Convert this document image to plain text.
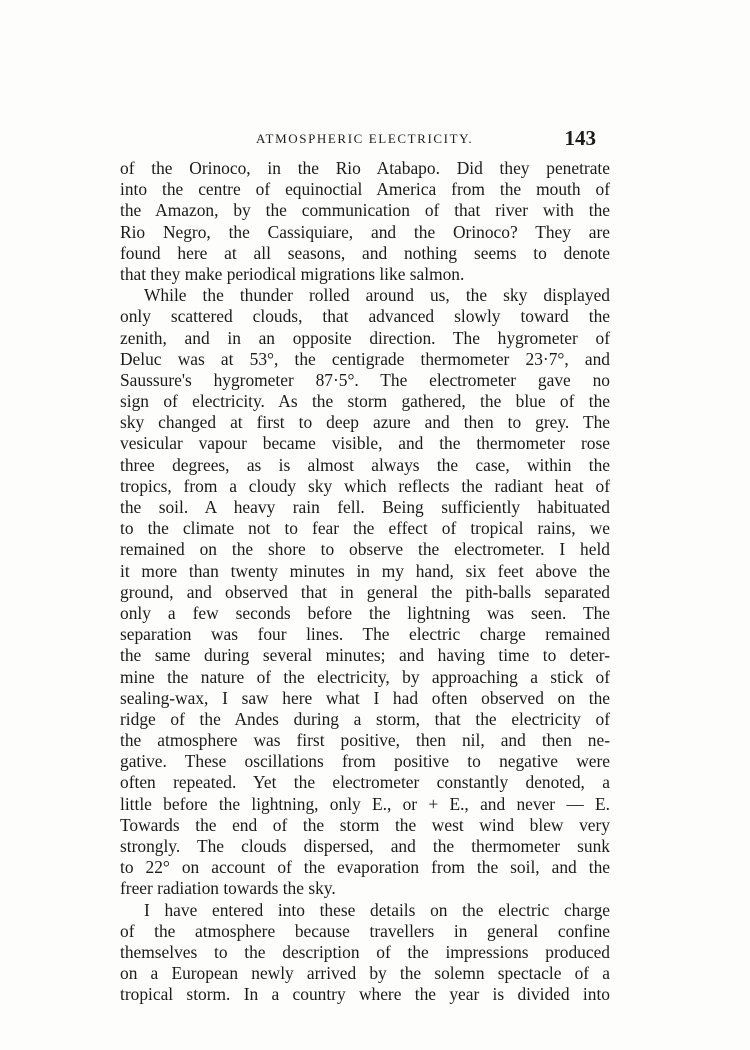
ATMOSPHERIC ELECTRICITY.	143
of the Orinoco, in the Rio Atabapo. Did they penetrate
into the centre of equinoctial America from the mouth of
the Amazon, by the communication of that river with the
Rio Negro, the Cassiquiare, and the Orinoco? They are
found here at all seasons, and nothing seems to denote
that they make periodical migrations like salmon.
While the thunder rolled around us, the sky displayed
only scattered clouds, that advanced slowly toward the
zenith, and in an opposite direction. The hygrometer of
Deluc was at 53°, the centigrade thermometer 23·7°, and
Saussure's hygrometer 87·5°. The electrometer gave no
sign of electricity. As the storm gathered, the blue of the
sky changed at first to deep azure and then to grey. The
vesicular vapour became visible, and the thermometer rose
three degrees, as is almost always the case, within the
tropics, from a cloudy sky which reflects the radiant heat of
the soil. A heavy rain fell. Being sufficiently habituated
to the climate not to fear the effect of tropical rains, we
remained on the shore to observe the electrometer. I held
it more than twenty minutes in my hand, six feet above the
ground, and observed that in general the pith-balls separated
only a few seconds before the lightning was seen. The
separation was four lines. The electric charge remained
the same during several minutes; and having time to deter-
mine the nature of the electricity, by approaching a stick of
sealing-wax, I saw here what I had often observed on the
ridge of the Andes during a storm, that the electricity of
the atmosphere was first positive, then nil, and then ne-
gative. These oscillations from positive to negative were
often repeated. Yet the electrometer constantly denoted, a
little before the lightning, only E., or + E., and never — E.
Towards the end of the storm the west wind blew very
strongly. The clouds dispersed, and the thermometer sunk
to 22° on account of the evaporation from the soil, and the
freer radiation towards the sky.
I have entered into these details on the electric charge
of the atmosphere because travellers in general confine
themselves to the description of the impressions produced
on a European newly arrived by the solemn spectacle of a
tropical storm. In a country where the year is divided into
